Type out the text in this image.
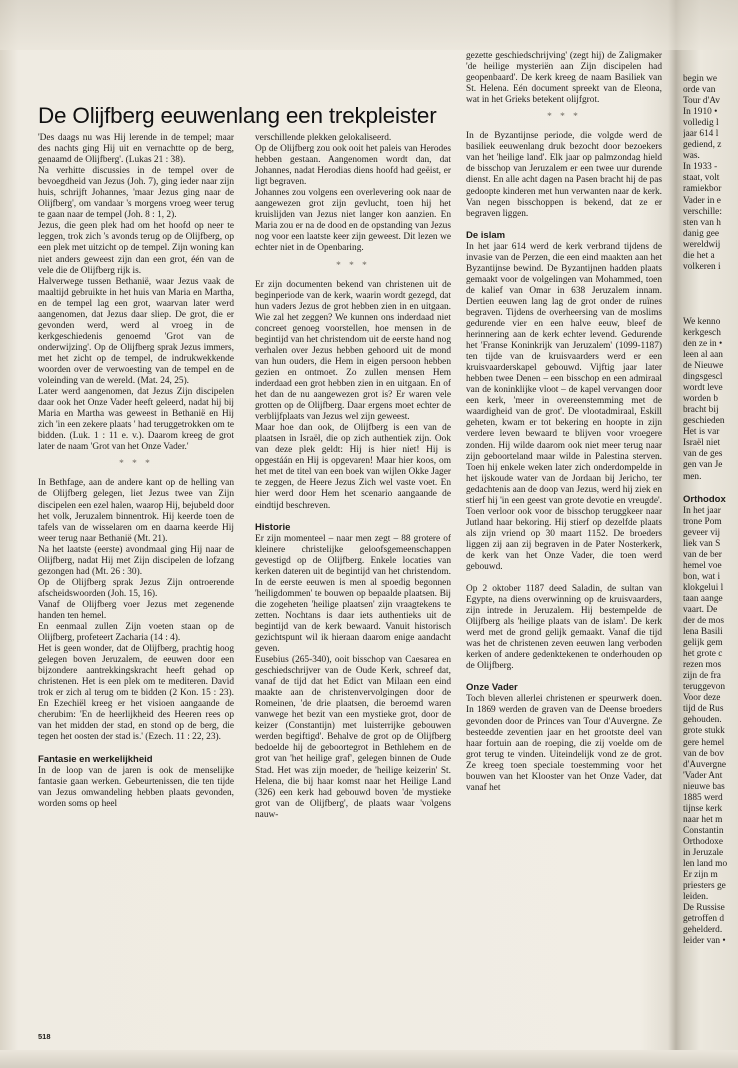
De Olijfberg eeuwenlang een trekpleister

'Des daags nu was Hij lerende in de tempel; maar des nachts ging Hij uit en vernachtte op de berg, genaamd de Olijfberg'. (Lukas 21 : 38).

Na verhitte discussies in de tempel over de bevoegdheid van Jezus (Joh. 7), ging ieder naar zijn huis, schrijft Johannes, 'maar Jezus ging naar de Olijfberg', om vandaar 's morgens vroeg weer terug te gaan naar de tempel (Joh. 8 : 1, 2).

Jezus, die geen plek had om het hoofd op neer te leggen, trok zich 's avonds terug op de Olijfberg, op een plek met uitzicht op de tempel. Zijn woning kan niet anders geweest zijn dan een grot, één van de vele die de Olijfberg rijk is.

Halverwege tussen Bethanië, waar Jezus vaak de maaltijd gebruikte in het huis van Maria en Martha, en de tempel lag een grot, waarvan later werd aangenomen, dat Jezus daar sliep. De grot, die er gevonden werd, werd al vroeg in de kerkgeschiedenis genoemd 'Grot van de onderwijzing'. Op de Olijfberg sprak Jezus immers, met het zicht op de tempel, de indrukwekkende woorden over de verwoesting van de tempel en de voleinding van de wereld. (Mat. 24, 25).

Later werd aangenomen, dat Jezus Zijn discipelen daar ook het Onze Vader heeft geleerd, nadat hij bij Maria en Martha was geweest in Bethanië en Hij zich 'in een zekere plaats ' had teruggetrokken om te bidden. (Luk. 1 : 11 e. v.). Daarom kreeg de grot later de naam 'Grot van het Onze Vader.'

* * *

In Bethfage, aan de andere kant op de helling van de Olijfberg gelegen, liet Jezus twee van Zijn discipelen een ezel halen, waarop Hij, bejubeld door het volk, Jeruzalem binnentrok. Hij keerde toen de tafels van de wisselaren om en daarna keerde Hij weer terug naar Bethanië (Mt. 21).

Na het laatste (eerste) avondmaal ging Hij naar de Olijfberg, nadat Hij met Zijn discipelen de lofzang gezongen had (Mt. 26 : 30).

Op de Olijfberg sprak Jezus Zijn ontroerende afscheidswoorden (Joh. 15, 16).

Vanaf de Olijfberg voer Jezus met zegenende handen ten hemel.

En eenmaal zullen Zijn voeten staan op de Olijfberg, profeteert Zacharia (14 : 4).

Het is geen wonder, dat de Olijfberg, prachtig hoog gelegen boven Jeruzalem, de eeuwen door een bijzondere aantrekkingskracht heeft gehad op christenen. Het is een plek om te mediteren. David trok er zich al terug om te bidden (2 Kon. 15 : 23). En Ezechiël kreeg er het visioen aangaande de cherubim: 'En de heerlijkheid des Heeren rees op van het midden der stad, en stond op de berg, die tegen het oosten der stad is.' (Ezech. 11 : 22, 23).

Fantasie en werkelijkheid

In de loop van de jaren is ook de menselijke fantasie gaan werken. Gebeurtenissen, die ten tijde van Jezus omwandeling hebben plaats gevonden, worden soms op heel

verschillende plekken gelokaliseerd.

Op de Olijfberg zou ook ooit het paleis van Herodes hebben gestaan. Aangenomen wordt dan, dat Johannes, nadat Herodias diens hoofd had geëist, er ligt begraven.

Johannes zou volgens een overlevering ook naar de aangewezen grot zijn gevlucht, toen hij het kruislijden van Jezus niet langer kon aanzien. En Maria zou er na de dood en de opstanding van Jezus nog voor een laatste keer zijn geweest. Dit lezen we echter niet in de Openbaring.

* * *

Er zijn documenten bekend van christenen uit de beginperiode van de kerk, waarin wordt gezegd, dat hun vaders Jezus de grot hebben zien in en uitgaan. Wie zal het zeggen? We kunnen ons inderdaad niet concreet genoeg voorstellen, hoe mensen in de begintijd van het christendom uit de eerste hand nog verhalen over Jezus hebben gehoord uit de mond van hun ouders, die Hem in eigen persoon hebben gezien en ontmoet. Zo zullen mensen Hem inderdaad een grot hebben zien in en uitgaan. En of het dan de nu aangewezen grot is? Er waren vele grotten op de Olijfberg. Daar ergens moet echter de verblijfplaats van Jezus wel zijn geweest.

Maar hoe dan ook, de Olijfberg is een van de plaatsen in Israël, die op zich authentiek zijn. Ook van deze plek geldt: Hij is hier niet! Hij is opgestáán en Hij is opgevaren! Maar hier koos, om het met de titel van een boek van wijlen Okke Jager te zeggen, de Heere Jezus Zich wel vaste voet. En hier werd door Hem het scenario aangaande de eindtijd beschreven.

Historie

Er zijn momenteel – naar men zegt – 88 grotere of kleinere christelijke geloofsgemeenschappen gevestigd op de Olijfberg. Enkele locaties van kerken dateren uit de begintijd van het christendom. In de eerste eeuwen is men al spoedig begonnen 'heiligdommen' te bouwen op bepaalde plaatsen. Bij die zogeheten 'heilige plaatsen' zijn vraagtekens te zetten. Nochtans is daar iets authentieks uit de begintijd van de kerk bewaard. Vanuit historisch gezichtspunt wil ik hieraan daarom enige aandacht geven.

Eusebius (265-340), ooit bisschop van Caesarea en geschiedschrijver van de Oude Kerk, schreef dat, vanaf de tijd dat het Edict van Milaan een eind maakte aan de christenvervolgingen door de Romeinen, 'de drie plaatsen, die beroemd waren vanwege het bezit van een mystieke grot, door de keizer (Constantijn) met luisterrijke gebouwen werden begiftigd'. Behalve de grot op de Olijfberg bedoelde hij de geboortegrot in Bethlehem en de grot van 'het heilige graf', gelegen binnen de Oude Stad. Het was zijn moeder, de 'heilige keizerin' St. Helena, die bij haar komst naar het Heilige Land (326) een kerk had gebouwd boven 'de mystieke grot van de Olijfberg', de plaats waar 'volgens nauw-

gezette geschiedschrijving' (zegt hij) de Zaligmaker 'de heilige mysteriën aan Zijn discipelen had geopenbaard'. De kerk kreeg de naam Basiliek van St. Helena. Eén document spreekt van de Eleona, wat in het Grieks betekent olijfgrot.

* * *

In de Byzantijnse periode, die volgde werd de basiliek eeuwenlang druk bezocht door bezoekers van het 'heilige land'. Elk jaar op palmzondag hield de bisschop van Jeruzalem er een twee uur durende dienst. En alle acht dagen na Pasen bracht hij de pas gedoopte kinderen met hun verwanten naar de kerk. Van negen bisschoppen is bekend, dat ze er begraven liggen.

De islam

In het jaar 614 werd de kerk verbrand tijdens de invasie van de Perzen, die een eind maakten aan het Byzantijnse bewind. De Byzantijnen hadden plaats gemaakt voor de volgelingen van Mohammed, toen de kalief van Omar in 638 Jeruzalem innam. Dertien eeuwen lang lag de grot onder de ruïnes begraven. Tijdens de overheersing van de moslims gedurende vier en een halve eeuw, bleef de herinnering aan de kerk echter levend. Gedurende het 'Franse Koninkrijk van Jeruzalem' (1099-1187) ten tijde van de kruisvaarders werd er een kruisvaarderskapel gebouwd. Vijftig jaar later hebben twee Denen – een bisschop en een admiraal van de koninklijke vloot – de kapel vervangen door een kerk, 'meer in overeenstemming met de waardigheid van de grot'. De vlootadmiraal, Eskill geheten, kwam er tot bekering en hoopte in zijn verdere leven bewaard te blijven voor vroegere zonden. Hij wilde daarom ook niet meer terug naar zijn geboorteland maar wilde in Palestina sterven. Toen hij enkele weken later zich onderdompelde in het ijskoude water van de Jordaan bij Jericho, ter gedachtenis aan de doop van Jezus, werd hij ziek en stierf hij 'in een geest van grote devotie en vreugde'. Toen verloor ook voor de bisschop teruggkeer naar Jutland haar bekoring. Hij stierf op dezelfde plaats als zijn vriend op 30 maart 1152. De broeders liggen zij aan zij begraven in de Pater Nosterkerk, de kerk van het Onze Vader, die toen werd gebouwd.

Op 2 oktober 1187 deed Saladin, de sultan van Egypte, na diens overwinning op de kruisvaarders, zijn intrede in Jeruzalem. Hij bestempelde de Olijfberg als 'heilige plaats van de islam'. De kerk werd met de grond gelijk gemaakt. Vanaf die tijd was het de christenen zeven eeuwen lang verboden kerken of andere gedenktekenen te onderhouden op de Olijfberg.

Onze Vader

Toch bleven allerlei christenen er speurwerk doen. In 1869 werden de graven van de Deense broeders gevonden door de Princes van Tour d'Auvergne. Ze besteedde zeventien jaar en het grootste deel van haar fortuin aan de roeping, die zij voelde om de grot terug te vinden. Uiteindelijk vond ze de grot. Ze kreeg toen speciale toestemming voor het bouwen van het Klooster van het Onze Vader, dat vanaf het

begin we
orde van
Tour d'Av
In 1910 •
volledig l
jaar 614 l
gediend, z
was.
In 1933 -
staat, volt
ramiekbor
Vader in e
verschille:
sten van h
danig gee
wereldwij
die het a
volkeren i
We kenno
kerkgesch
den ze in •
leen al aan
de Nieuwe
dingsgescl
wordt leve
worden b
bracht bij
geschieden
Het is var
Israël niet
van de ges
gen van Je
men.
Orthodox
In het jaar
trone Pom
geveer vij
liek van S
van de ber
hemel voe
bon, wat i
klokgelui l
taan aange
vaart. De
der de mos
lena Basili
gelijk gem
het grote c
rezen mos
zijn de fra
teruggevon
Voor deze
tijd de Rus
gehouden.
grote stukk
gere hemel
van de bov
d'Auvergne
'Vader Ant
nieuwe bas
1885 werd
tijnse kerk
naar het m
Constantin
Orthodoxe
in Jeruzale
len land mo
Er zijn m
priesters ge
leiden.
De Russise
getroffen d
gehelderd.
leider van •
518
